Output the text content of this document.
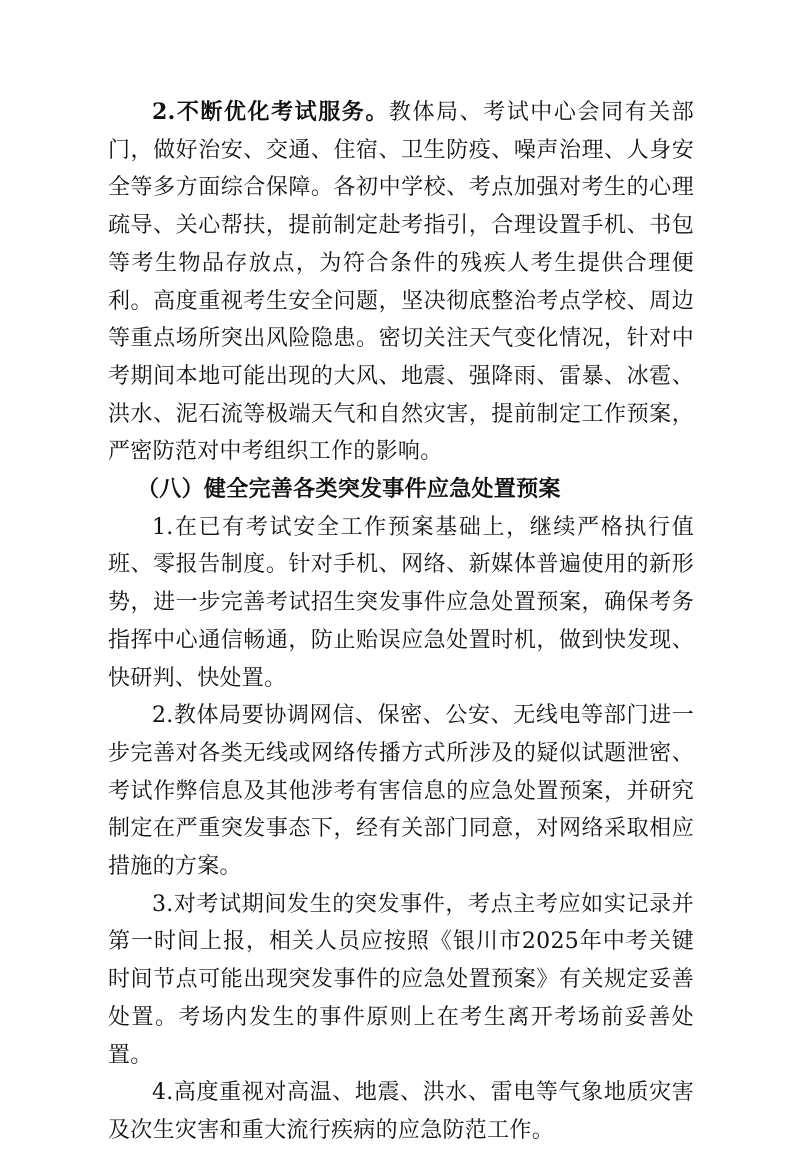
2.不断优化考试服务。教体局、考试中心会同有关部门，做好治安、交通、住宿、卫生防疫、噪声治理、人身安全等多方面综合保障。各初中学校、考点加强对考生的心理疏导、关心帮扶，提前制定赴考指引，合理设置手机、书包等考生物品存放点，为符合条件的残疾人考生提供合理便利。高度重视考生安全问题，坚决彻底整治考点学校、周边等重点场所突出风险隐患。密切关注天气变化情况，针对中考期间本地可能出现的大风、地震、强降雨、雷暴、冰雹、洪水、泥石流等极端天气和自然灾害，提前制定工作预案，严密防范对中考组织工作的影响。

（八）健全完善各类突发事件应急处置预案

1.在已有考试安全工作预案基础上，继续严格执行值班、零报告制度。针对手机、网络、新媒体普遍使用的新形势，进一步完善考试招生突发事件应急处置预案，确保考务指挥中心通信畅通，防止贻误应急处置时机，做到快发现、快研判、快处置。

2.教体局要协调网信、保密、公安、无线电等部门进一步完善对各类无线或网络传播方式所涉及的疑似试题泄密、考试作弊信息及其他涉考有害信息的应急处置预案，并研究制定在严重突发事态下，经有关部门同意，对网络采取相应措施的方案。

3.对考试期间发生的突发事件，考点主考应如实记录并第一时间上报，相关人员应按照《银川市2025年中考关键时间节点可能出现突发事件的应急处置预案》有关规定妥善处置。考场内发生的事件原则上在考生离开考场前妥善处置。

4.高度重视对高温、地震、洪水、雷电等气象地质灾害及次生灾害和重大流行疾病的应急防范工作。
